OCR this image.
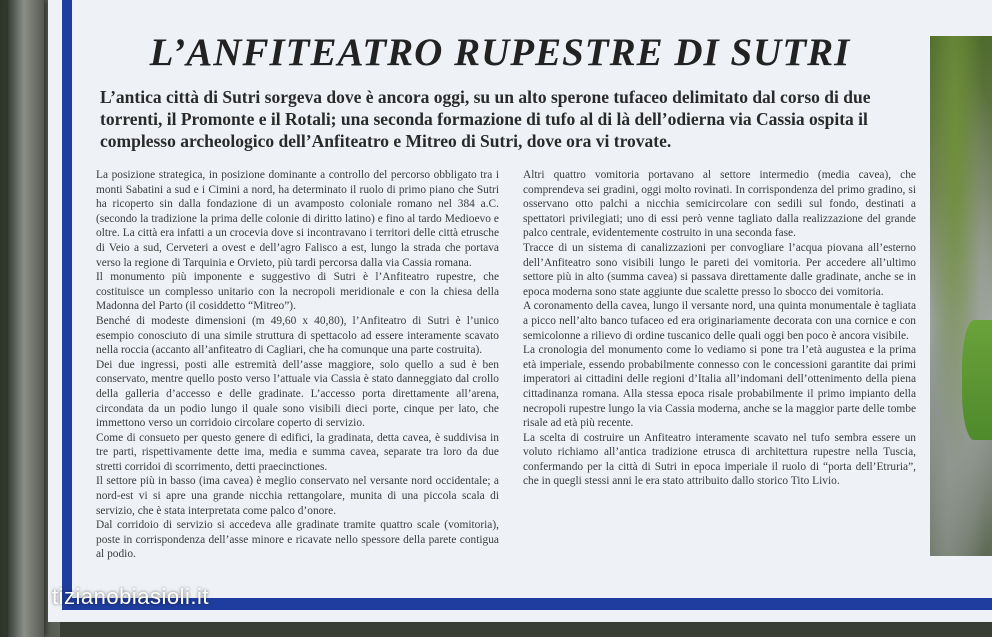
L’ANFITEATRO RUPESTRE DI SUTRI

L’antica città di Sutri sorgeva dove è ancora oggi, su un alto sperone tufaceo delimitato dal corso di due torrenti, il Promonte e il Rotali; una seconda formazione di tufo al di là dell’odierna via Cassia ospita il complesso archeologico dell’Anfiteatro e Mitreo di Sutri, dove ora vi trovate.

La posizione strategica, in posizione dominante a controllo del percorso obbligato tra i monti Sabatini a sud e i Cimini a nord, ha determinato il ruolo di primo piano che Sutri ha ricoperto sin dalla fondazione di un avamposto coloniale romano nel 384 a.C. (secondo la tradizione la prima delle colonie di diritto latino) e fino al tardo Medioevo e oltre. La città era infatti a un crocevia dove si incontravano i territori delle città etrusche di Veio a sud, Cerveteri a ovest e dell’agro Falisco a est, lungo la strada che portava verso la regione di Tarquinia e Orvieto, più tardi percorsa dalla via Cassia romana.

Il monumento più imponente e suggestivo di Sutri è l’Anfiteatro rupestre, che costituisce un complesso unitario con la necropoli meridionale e con la chiesa della Madonna del Parto (il cosiddetto “Mitreo”).

Benché di modeste dimensioni (m 49,60 x 40,80), l’Anfiteatro di Sutri è l’unico esempio conosciuto di una simile struttura di spettacolo ad essere interamente scavato nella roccia (accanto all’anfiteatro di Cagliari, che ha comunque una parte costruita).

Dei due ingressi, posti alle estremità dell’asse maggiore, solo quello a sud è ben conservato, mentre quello posto verso l’attuale via Cassia è stato danneggiato dal crollo della galleria d’accesso e delle gradinate. L’accesso porta direttamente all’arena, circondata da un podio lungo il quale sono visibili dieci porte, cinque per lato, che immettono verso un corridoio circolare coperto di servizio.

Come di consueto per questo genere di edifici, la gradinata, detta cavea, è suddivisa in tre parti, rispettivamente dette ima, media e summa cavea, separate tra loro da due stretti corridoi di scorrimento, detti praecinctiones.

Il settore più in basso (ima cavea) è meglio conservato nel versante nord occidentale; a nord-est vi si apre una grande nicchia rettangolare, munita di una piccola scala di servizio, che è stata interpretata come palco d’onore.

Dal corridoio di servizio si accedeva alle gradinate tramite quattro scale (vomitoria), poste in corrispondenza dell’asse minore e ricavate nello spessore della parete contigua al podio.

Altri quattro vomitoria portavano al settore intermedio (media cavea), che comprendeva sei gradini, oggi molto rovinati. In corrispondenza del primo gradino, si osservano otto palchi a nicchia semicircolare con sedili sul fondo, destinati a spettatori privilegiati; uno di essi però venne tagliato dalla realizzazione del grande palco centrale, evidentemente costruito in una seconda fase.

Tracce di un sistema di canalizzazioni per convogliare l’acqua piovana all’esterno dell’Anfiteatro sono visibili lungo le pareti dei vomitoria. Per accedere all’ultimo settore più in alto (summa cavea) si passava direttamente dalle gradinate, anche se in epoca moderna sono state aggiunte due scalette presso lo sbocco dei vomitoria.

A coronamento della cavea, lungo il versante nord, una quinta monumentale è tagliata a picco nell’alto banco tufaceo ed era originariamente decorata con una cornice e con semicolonne a rilievo di ordine tuscanico delle quali oggi ben poco è ancora visibile.

La cronologia del monumento come lo vediamo si pone tra l’età augustea e la prima età imperiale, essendo probabilmente connesso con le concessioni garantite dai primi imperatori ai cittadini delle regioni d’Italia all’indomani dell’ottenimento della piena cittadinanza romana. Alla stessa epoca risale probabilmente il primo impianto della necropoli rupestre lungo la via Cassia moderna, anche se la maggior parte delle tombe risale ad età più recente.

La scelta di costruire un Anfiteatro interamente scavato nel tufo sembra essere un voluto richiamo all’antica tradizione etrusca di architettura rupestre nella Tuscia, confermando per la città di Sutri in epoca imperiale il ruolo di “porta dell’Etruria”, che in quegli stessi anni le era stato attribuito dallo storico Tito Livio.

tizianobiasioli.it
